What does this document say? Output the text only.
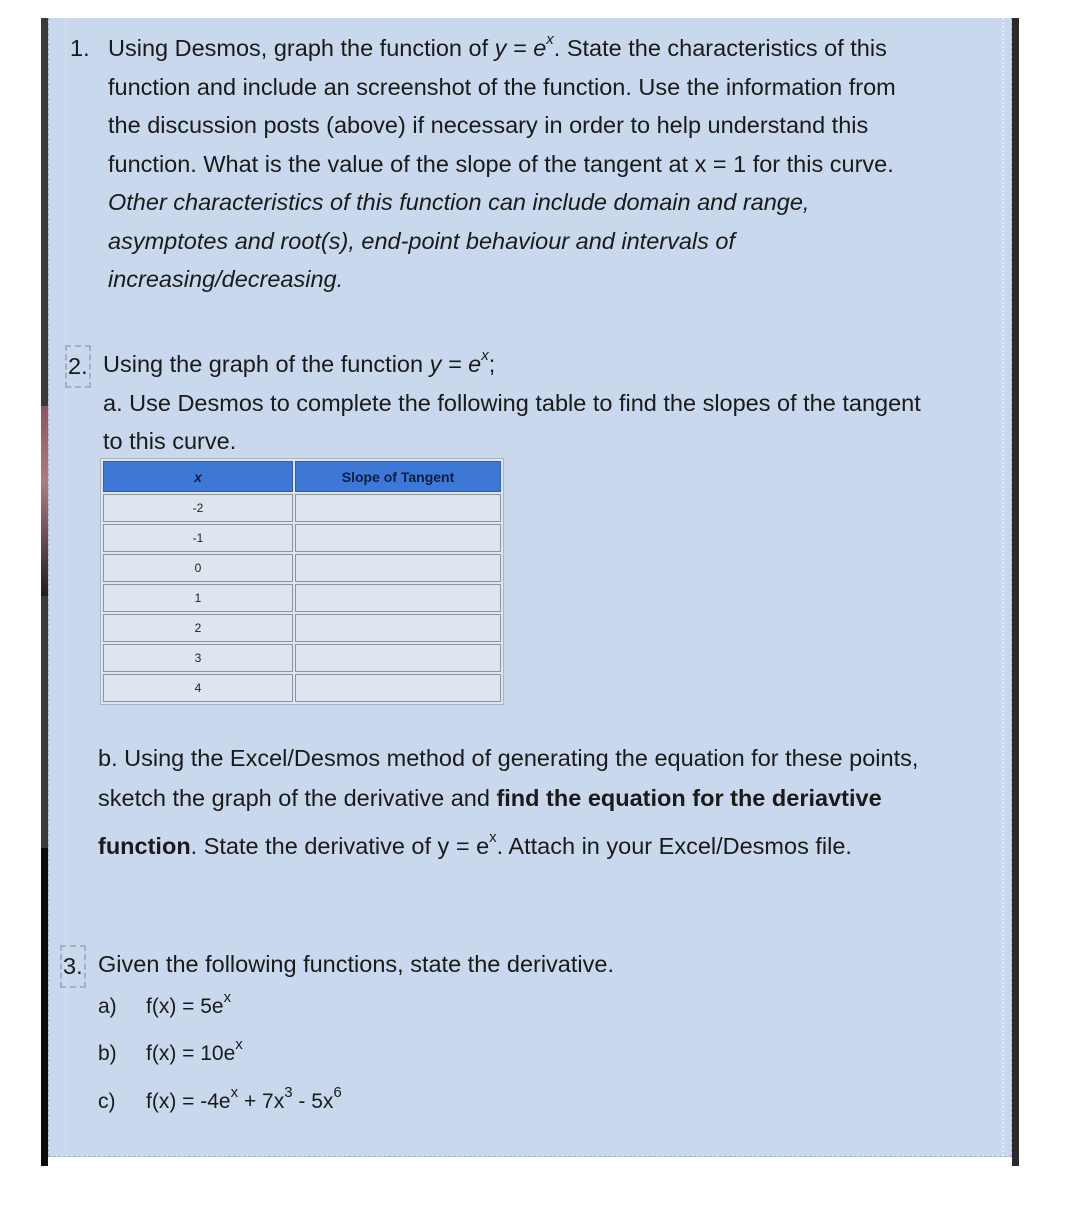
1. Using Desmos, graph the function of $y = e^x$. State the characteristics of this
function and include an screenshot of the function. Use the information from
the discussion posts (above) if necessary in order to help understand this
function. What is the value of the slope of the tangent at x = 1 for this curve.
Other characteristics of this function can include domain and range,
asymptotes and root(s), end-point behaviour and intervals of
increasing/decreasing.
2. Using the graph of the function $y = e^x$;
a. Use Desmos to complete the following table to find the slopes of the tangent
to this curve.
x	Slope of Tangent
-2	
-1	
0	
1	
2	
3	
4	
b. Using the Excel/Desmos method of generating the equation for these points,
sketch the graph of the derivative and find the equation for the deriavtive
function. State the derivative of $y = e^x$. Attach in your Excel/Desmos file.
3. Given the following functions, state the derivative.
a) $f(x) = 5e^x$
b) $f(x) = 10e^x$
c) $f(x) = -4e^x + 7x^3 - 5x^6$
